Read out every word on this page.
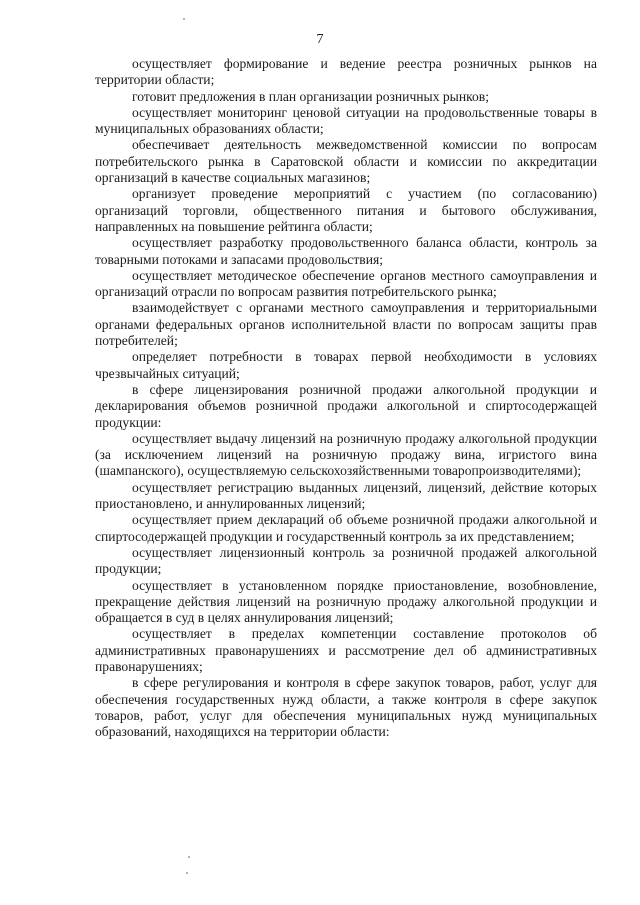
7

осуществляет формирование и ведение реестра розничных рынков на территории области;

готовит предложения в план организации розничных рынков;

осуществляет мониторинг ценовой ситуации на продовольственные товары в муниципальных образованиях области;

обеспечивает деятельность межведомственной комиссии по вопросам потребительского рынка в Саратовской области и комиссии по аккредитации организаций в качестве социальных магазинов;

организует проведение мероприятий с участием (по согласованию) организаций торговли, общественного питания и бытового обслуживания, направленных на повышение рейтинга области;

осуществляет разработку продовольственного баланса области, контроль за товарными потоками и запасами продовольствия;

осуществляет методическое обеспечение органов местного самоуправления и организаций отрасли по вопросам развития потребительского рынка;

взаимодействует с органами местного самоуправления и территориальными органами федеральных органов исполнительной власти по вопросам защиты прав потребителей;

определяет потребности в товарах первой необходимости в условиях чрезвычайных ситуаций;

в сфере лицензирования розничной продажи алкогольной продукции и декларирования объемов розничной продажи алкогольной и спиртосодержащей продукции:

осуществляет выдачу лицензий на розничную продажу алкогольной продукции (за исключением лицензий на розничную продажу вина, игристого вина (шампанского), осуществляемую сельскохозяйственными товаропроизводителями);

осуществляет регистрацию выданных лицензий, лицензий, действие которых приостановлено, и аннулированных лицензий;

осуществляет прием деклараций об объеме розничной продажи алкогольной и спиртосодержащей продукции и государственный контроль за их представлением;

осуществляет лицензионный контроль за розничной продажей алкогольной продукции;

осуществляет в установленном порядке приостановление, возобновление, прекращение действия лицензий на розничную продажу алкогольной продукции и обращается в суд в целях аннулирования лицензий;

осуществляет в пределах компетенции составление протоколов об административных правонарушениях и рассмотрение дел об административных правонарушениях;

в сфере регулирования и контроля в сфере закупок товаров, работ, услуг для обеспечения государственных нужд области, а также контроля в сфере закупок товаров, работ, услуг для обеспечения муниципальных нужд муниципальных образований, находящихся на территории области:
